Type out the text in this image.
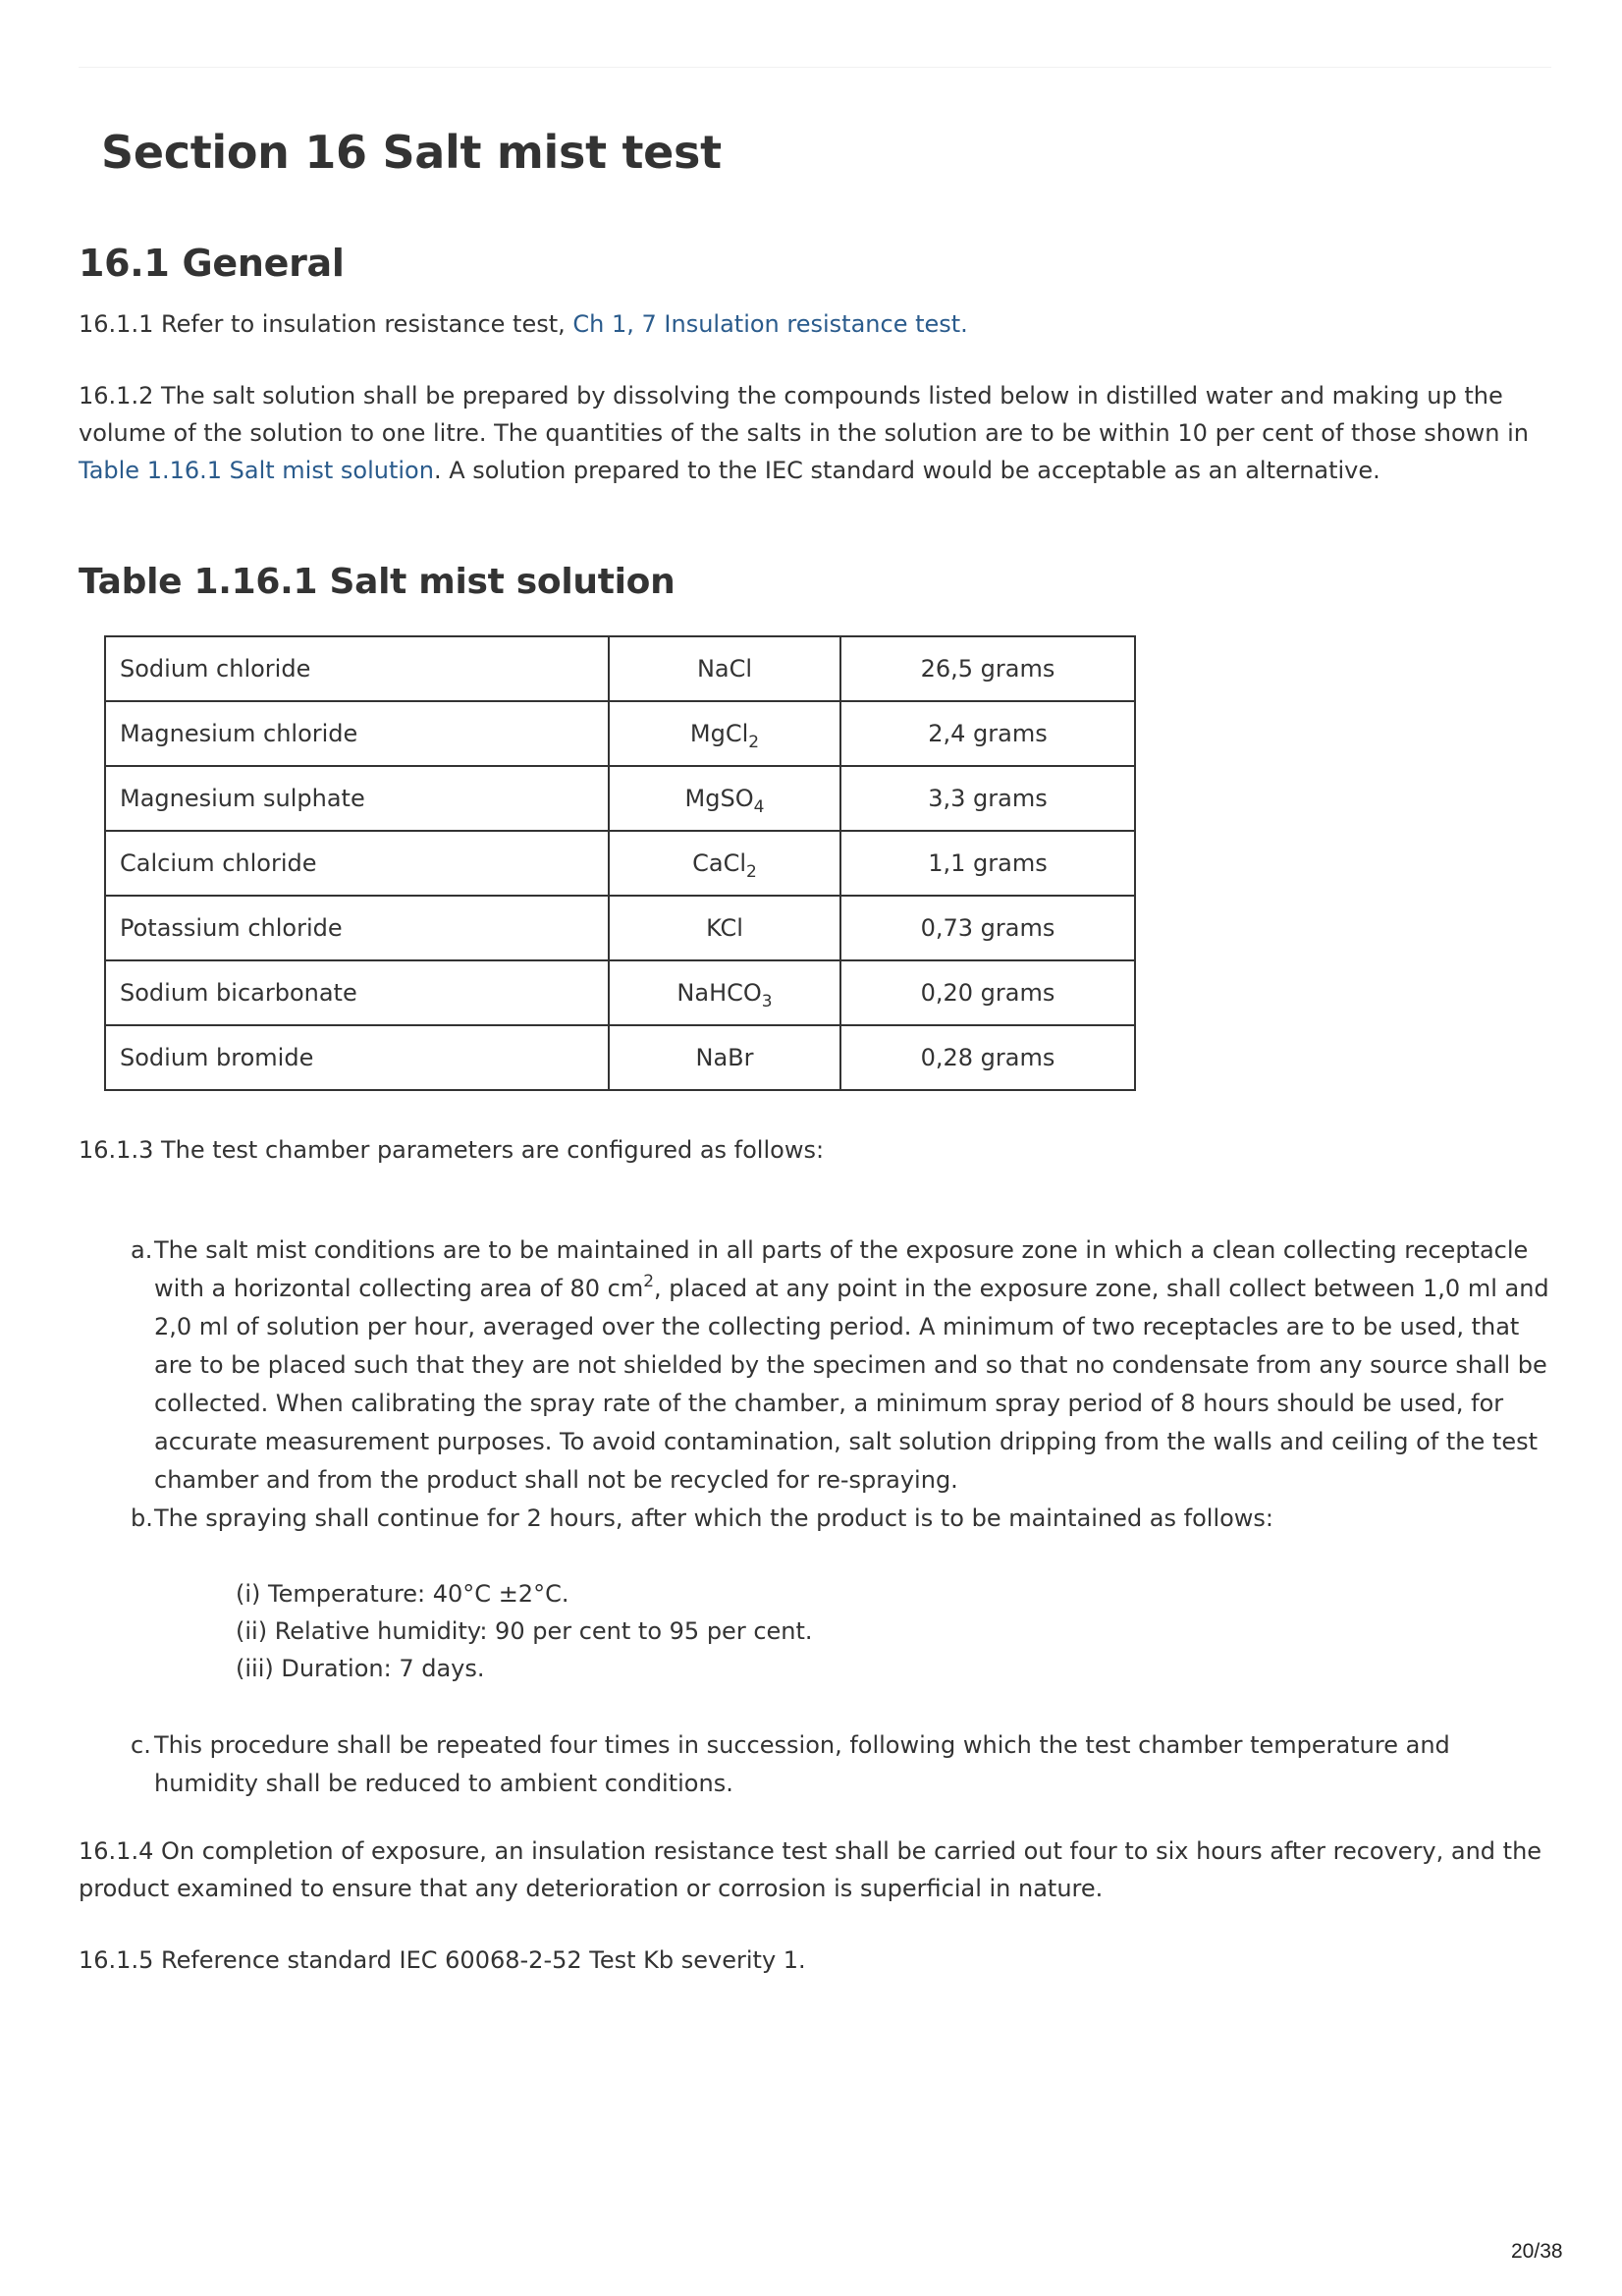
Section 16 Salt mist test
16.1 General

16.1.1 Refer to insulation resistance test, Ch 1, 7 Insulation resistance test.

16.1.2 The salt solution shall be prepared by dissolving the compounds listed below in distilled water and making up the volume of the solution to one litre. The quantities of the salts in the solution are to be within 10 per cent of those shown in Table 1.16.1 Salt mist solution. A solution prepared to the IEC standard would be acceptable as an alternative.

Table 1.16.1 Salt mist solution
Sodium chloride	NaCl	26,5 grams
Magnesium chloride	MgCl$_2$	2,4 grams
Magnesium sulphate	MgSO$_4$	3,3 grams
Calcium chloride	CaCl$_2$	1,1 grams
Potassium chloride	KCl	0,73 grams
Sodium bicarbonate	NaHCO$_3$	0,20 grams
Sodium bromide	NaBr	0,28 grams

16.1.3 The test chamber parameters are configured as follows:

a. The salt mist conditions are to be maintained in all parts of the exposure zone in which a clean collecting receptacle with a horizontal collecting area of 80 $cm^2$, placed at any point in the exposure zone, shall collect between 1,0 ml and 2,0 ml of solution per hour, averaged over the collecting period. A minimum of two receptacles are to be used, that are to be placed such that they are not shielded by the specimen and so that no condensate from any source shall be collected. When calibrating the spray rate of the chamber, a minimum spray period of 8 hours should be used, for accurate measurement purposes. To avoid contamination, salt solution dripping from the walls and ceiling of the test chamber and from the product shall not be recycled for re-spraying.
b. The spraying shall continue for 2 hours, after which the product is to be maintained as follows:
(i) Temperature: 40°C ±2°C.
(ii) Relative humidity: 90 per cent to 95 per cent.
(iii) Duration: 7 days.
c. This procedure shall be repeated four times in succession, following which the test chamber temperature and humidity shall be reduced to ambient conditions.

16.1.4 On completion of exposure, an insulation resistance test shall be carried out four to six hours after recovery, and the product examined to ensure that any deterioration or corrosion is superficial in nature.

16.1.5 Reference standard IEC 60068-2-52 Test Kb severity 1.

20/38
